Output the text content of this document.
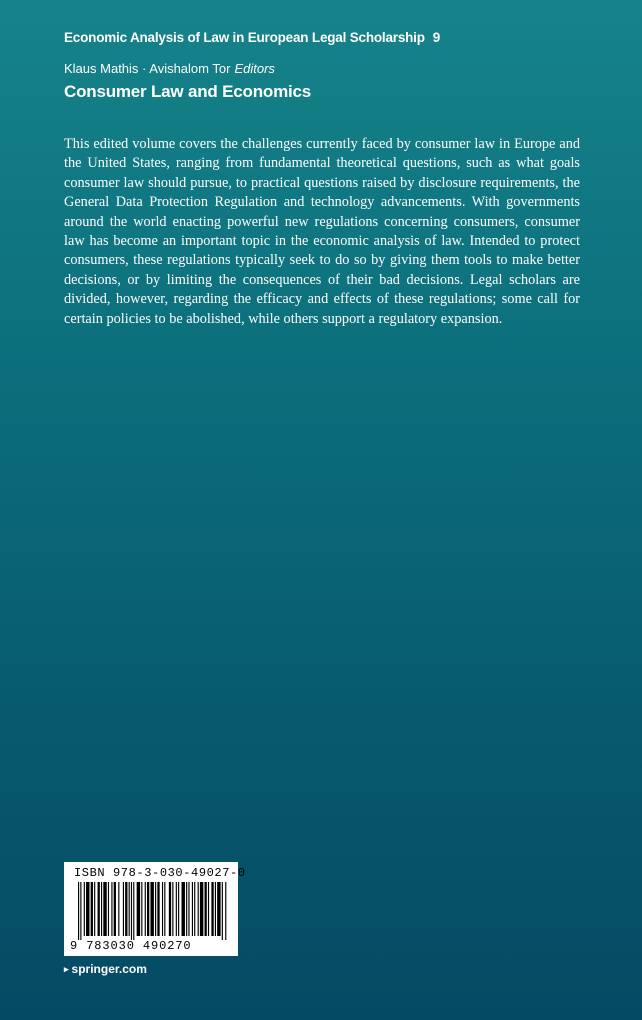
Economic Analysis of Law in European Legal Scholarship 9
Klaus Mathis · Avishalom Tor Editors
Consumer Law and Economics

This edited volume covers the challenges currently faced by consumer law in Europe and the United States, ranging from fundamental theoretical questions, such as what goals consumer law should pursue, to practical questions raised by disclosure requirements, the General Data Protection Regulation and technology advancements. With governments around the world enacting powerful new regulations concerning consumers, consumer law has become an important topic in the economic analysis of law. Intended to protect consumers, these regulations typically seek to do so by giving them tools to make better decisions, or by limiting the consequences of their bad decisions. Legal scholars are divided, however, regarding the efficacy and effects of these regulations; some call for certain policies to be abolished, while others support a regulatory expansion.

ISBN 978-3-030-49027-0
9 783030 490270
▸ springer.com
